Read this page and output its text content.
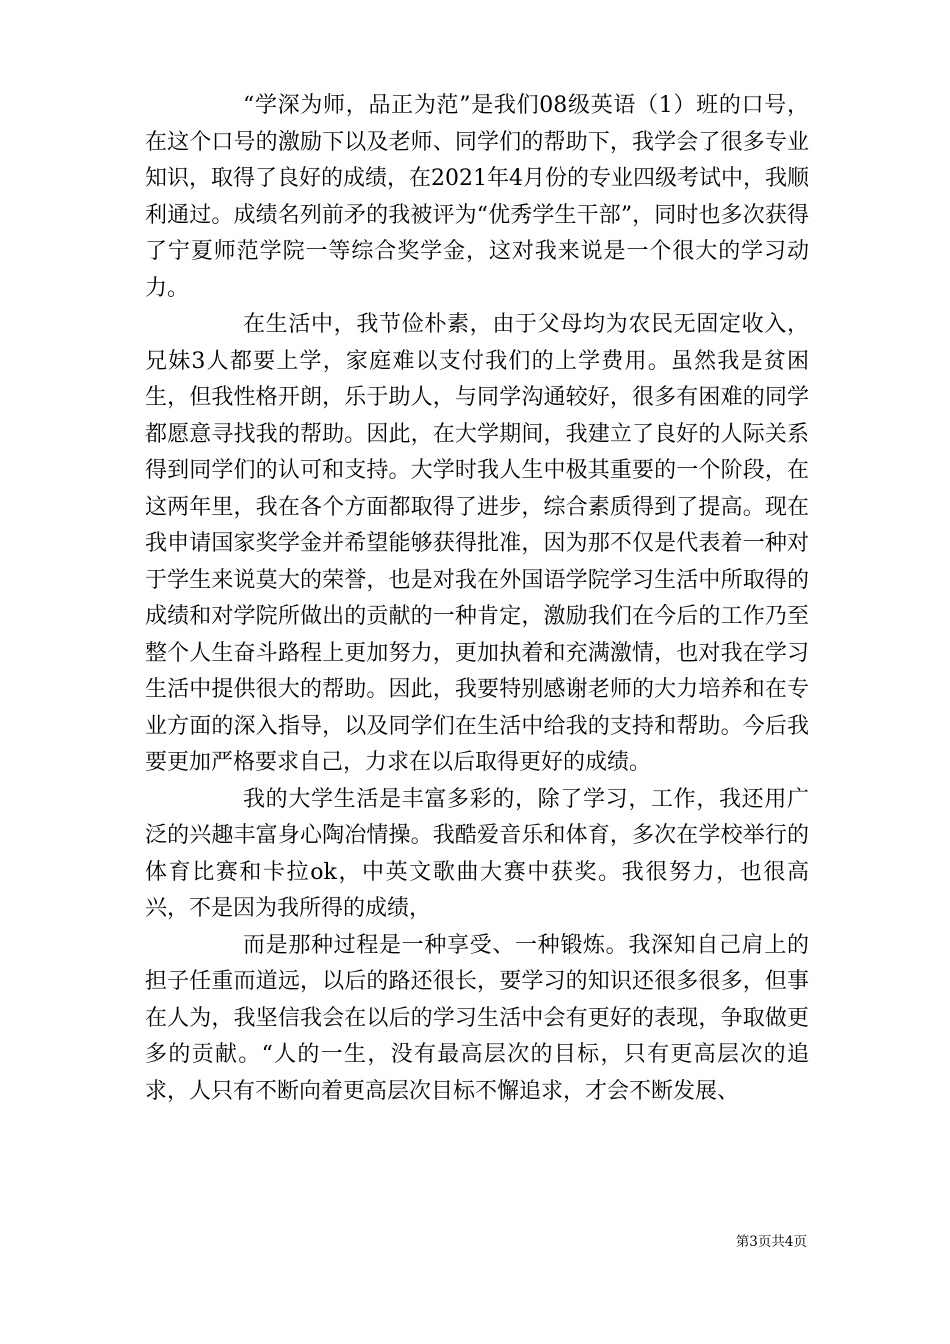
“学深为师，品正为范”是我们08级英语（1）班的口号，在这个口号的激励下以及老师、同学们的帮助下，我学会了很多专业知识，取得了良好的成绩，在2021年4月份的专业四级考试中，我顺利通过。成绩名列前矛的我被评为“优秀学生干部”，同时也多次获得了宁夏师范学院一等综合奖学金，这对我来说是一个很大的学习动力。

在生活中，我节俭朴素，由于父母均为农民无固定收入，兄妹3人都要上学，家庭难以支付我们的上学费用。虽然我是贫困生，但我性格开朗，乐于助人，与同学沟通较好，很多有困难的同学都愿意寻找我的帮助。因此，在大学期间，我建立了良好的人际关系得到同学们的认可和支持。大学时我人生中极其重要的一个阶段，在这两年里，我在各个方面都取得了进步，综合素质得到了提高。现在我申请国家奖学金并希望能够获得批准，因为那不仅是代表着一种对于学生来说莫大的荣誉，也是对我在外国语学院学习生活中所取得的成绩和对学院所做出的贡献的一种肯定，激励我们在今后的工作乃至整个人生奋斗路程上更加努力，更加执着和充满激情，也对我在学习生活中提供很大的帮助。因此，我要特别感谢老师的大力培养和在专业方面的深入指导，以及同学们在生活中给我的支持和帮助。今后我要更加严格要求自己，力求在以后取得更好的成绩。

我的大学生活是丰富多彩的，除了学习，工作，我还用广泛的兴趣丰富身心陶冶情操。我酷爱音乐和体育，多次在学校举行的体育比赛和卡拉ok，中英文歌曲大赛中获奖。我很努力，也很高兴，不是因为我所得的成绩，

而是那种过程是一种享受、一种锻炼。我深知自己肩上的担子任重而道远，以后的路还很长，要学习的知识还很多很多，但事在人为，我坚信我会在以后的学习生活中会有更好的表现，争取做更多的贡献。“人的一生，没有最高层次的目标，只有更高层次的追求，人只有不断向着更高层次目标不懈追求，才会不断发展、

第3页共4页
